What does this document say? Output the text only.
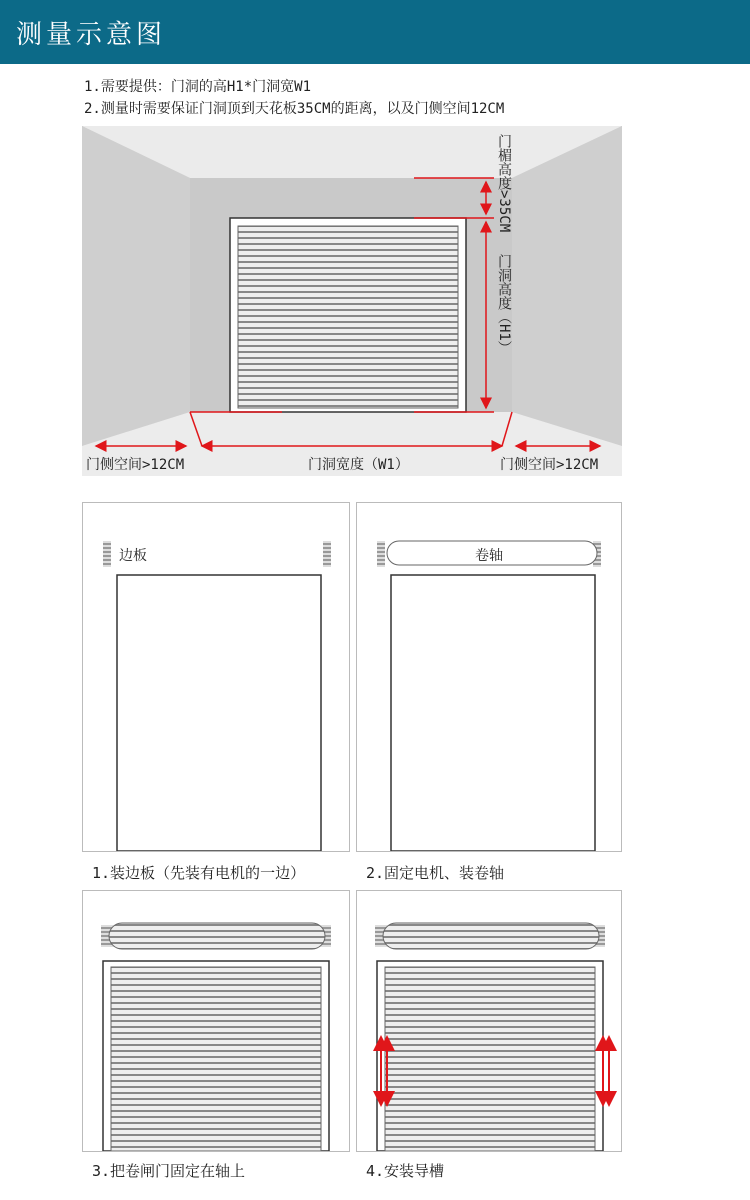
测量示意图
1.需要提供：门洞的高H1*门洞宽W1
2.测量时需要保证门洞顶到天花板35CM的距离，以及门侧空间12CM
门楣高度>35CM
门洞高度（H1）
门侧空间>12CM	门洞宽度（W1）	门侧空间>12CM
边板
1.装边板（先装有电机的一边）
卷轴
2.固定电机、装卷轴
3.把卷闸门固定在轴上	4.安装导槽
